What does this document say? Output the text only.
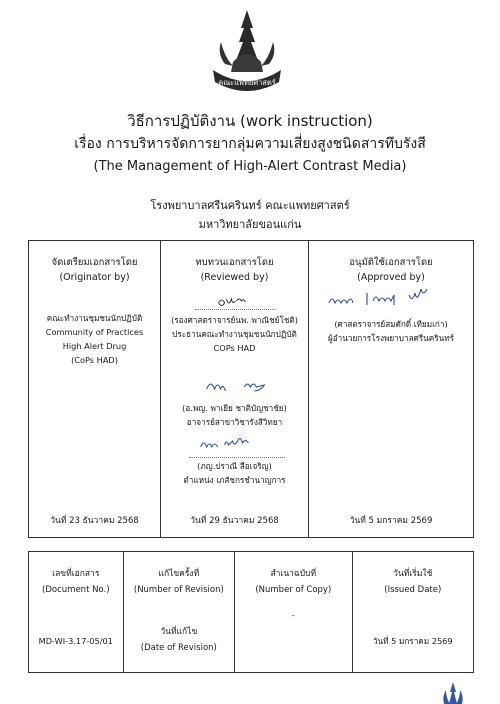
คณะแพทยศาสตร์
วิธีการปฏิบัติงาน (work instruction)
เรื่อง การบริหารจัดการยากลุ่มความเสี่ยงสูงชนิดสารทึบรังสี
(The Management of High-Alert Contrast Media)
โรงพยาบาลศรีนครินทร์ คณะแพทยศาสตร์
มหาวิทยาลัยขอนแก่น
จัดเตรียมเอกสารโดย
(Originator by)
คณะทำงานชุมชนนักปฏิบัติ
Community of Practices
High Alert Drug
(CoPs HAD)
วันที่ 23 ธันวาคม 2568
ทบทวนเอกสารโดย
(Reviewed by)
(รองศาสตราจารย์นพ. พาณิชย์โชติ)
ประธานคณะทำงานชุมชนนักปฏิบัติ
COPs HAD
(อ.พญ. พาเยีย ชาติบัญชาชัย)
อาจารย์สาขาวิชารังสีวิทยา
(ภญ.ปราณี ลือเจริญ)
ตำแหน่ง เภสัชกรชำนาญการ
วันที่ 29 ธันวาคม 2568
อนุมัติใช้เอกสารโดย
(Approved by)
(ศาสตราจารย์สมศักดิ์ เทียมเก่า)
ผู้อำนวยการโรงพยาบาลศรีนครินทร์
วันที่ 5 มกราคม 2569
เลขที่เอกสาร
(Document No.)
MD-WI-3.17-05/01
แก้ไขครั้งที่
(Number of Revision)
วันที่แก้ไข
(Date of Revision)
สำเนาฉบับที่
(Number of Copy)
-
วันที่เริ่มใช้
(Issued Date)
วันที่ 5 มกราคม 2569
